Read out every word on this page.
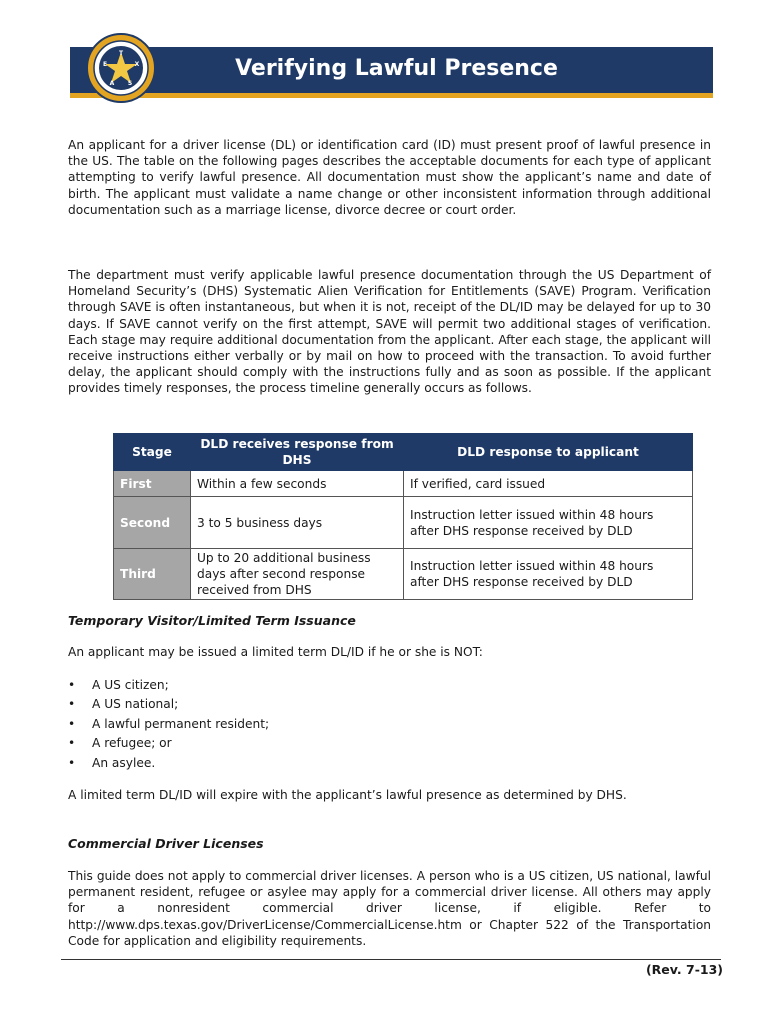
Verifying Lawful Presence
T
E	X
A S

An applicant for a driver license (DL) or identification card (ID) must present proof of lawful presence in the US. The table on the following pages describes the acceptable documents for each type of applicant attempting to verify lawful presence. All documentation must show the applicant’s name and date of birth. The applicant must validate a name change or other inconsistent information through additional documentation such as a marriage license, divorce decree or court order.

The department must verify applicable lawful presence documentation through the US Department of Homeland Security’s (DHS) Systematic Alien Verification for Entitlements (SAVE) Program. Verification through SAVE is often instantaneous, but when it is not, receipt of the DL/ID may be delayed for up to 30 days. If SAVE cannot verify on the first attempt, SAVE will permit two additional stages of verification. Each stage may require additional documentation from the applicant. After each stage, the applicant will receive instructions either verbally or by mail on how to proceed with the transaction. To avoid further delay, the applicant should comply with the instructions fully and as soon as possible. If the applicant provides timely responses, the process timeline generally occurs as follows.

Stage	DLD receives response from DHS	DLD response to applicant
First	Within a few seconds	If verified, card issued
Second	3 to 5 business days	Instruction letter issued within 48 hours after DHS response received by DLD
Third	Up to 20 additional business days after second response received from DHS	Instruction letter issued within 48 hours after DHS response received by DLD

Temporary Visitor/Limited Term Issuance

An applicant may be issued a limited term DL/ID if he or she is NOT:

• A US citizen;
• A US national;
• A lawful permanent resident;
• A refugee; or
• An asylee.

A limited term DL/ID will expire with the applicant’s lawful presence as determined by DHS.

Commercial Driver Licenses

This guide does not apply to commercial driver licenses. A person who is a US citizen, US national, lawful permanent resident, refugee or asylee may apply for a commercial driver license. All others may apply for a nonresident commercial driver license, if eligible. Refer to http://www.dps.texas.gov/DriverLicense/CommercialLicense.htm or Chapter 522 of the Transportation Code for application and eligibility requirements.

(Rev. 7-13)
